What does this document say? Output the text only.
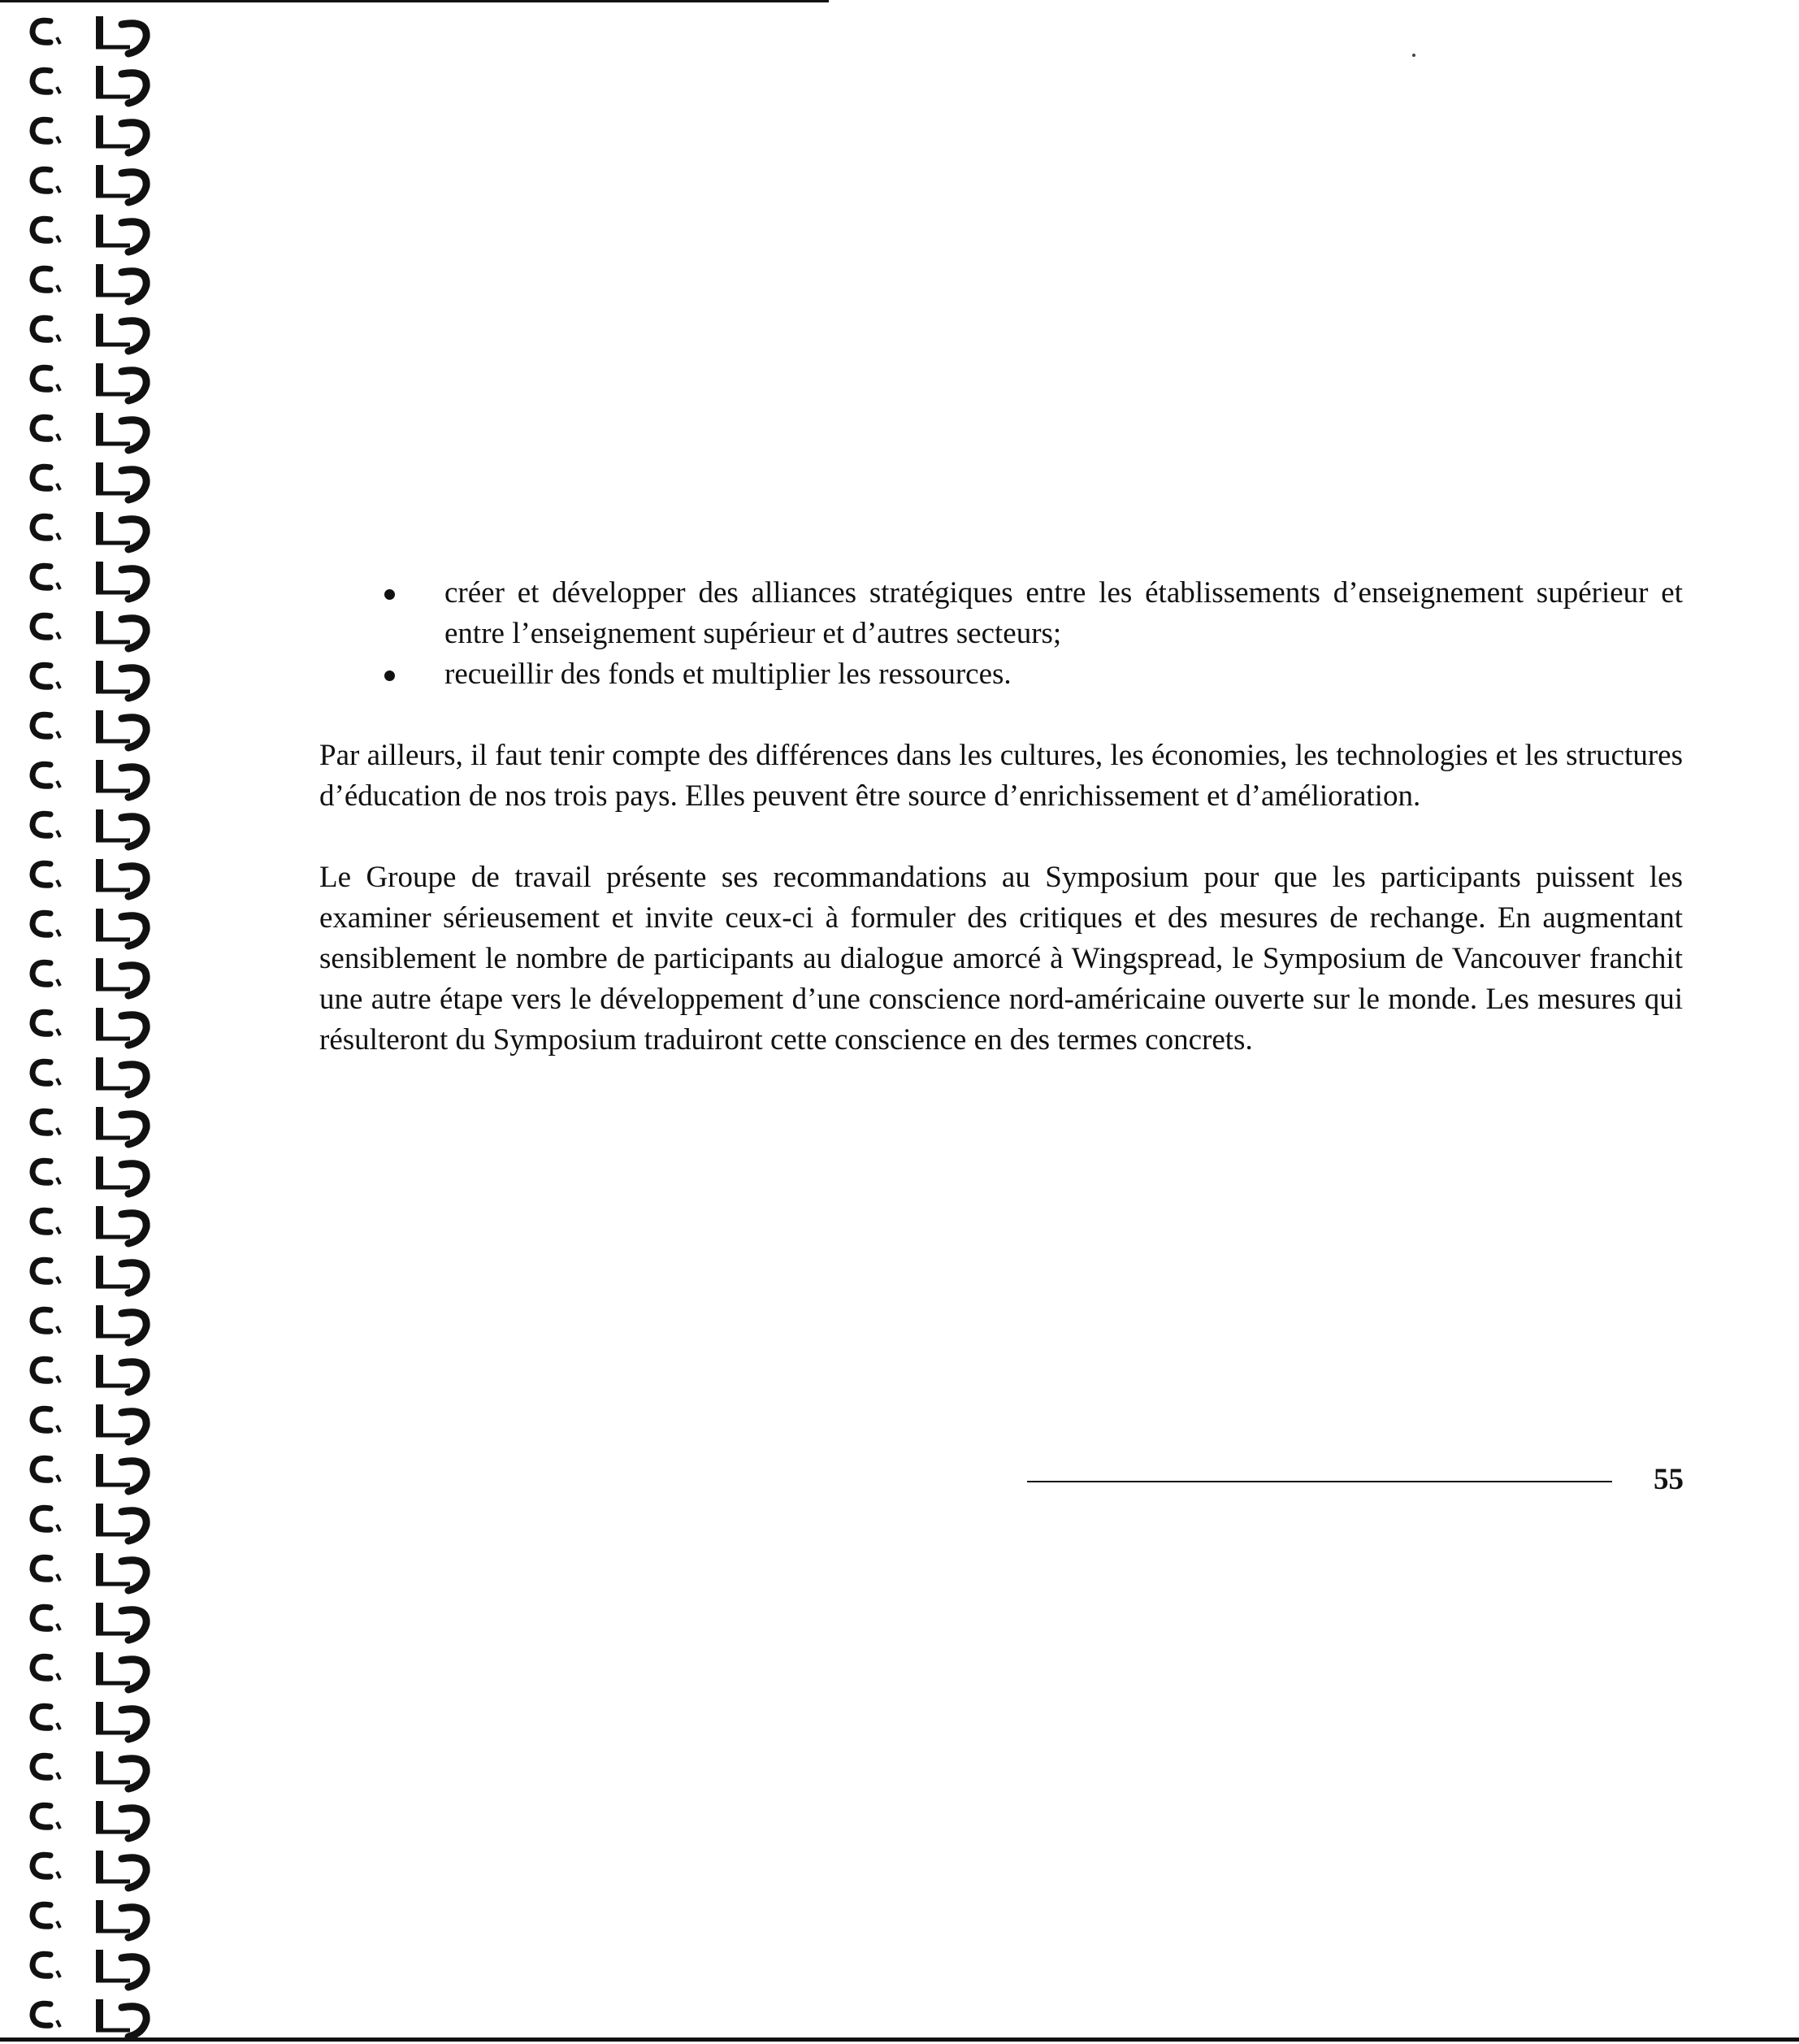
créer et développer des alliances stratégiques entre les établissements d’enseignement supérieur et entre l’enseignement supérieur et d’autres secteurs;
recueillir des fonds et multiplier les ressources.

Par ailleurs, il faut tenir compte des différences dans les cultures, les économies, les technologies et les structures d’éducation de nos trois pays. Elles peuvent être source d’enrichissement et d’amélioration.

Le Groupe de travail présente ses recommandations au Symposium pour que les participants puissent les examiner sérieusement et invite ceux-ci à formuler des critiques et des mesures de rechange. En augmentant sensiblement le nombre de participants au dialogue amorcé à Wingspread, le Symposium de Vancouver franchit une autre étape vers le développement d’une conscience nord-américaine ouverte sur le monde. Les mesures qui résulteront du Symposium traduiront cette conscience en des termes concrets.

55
